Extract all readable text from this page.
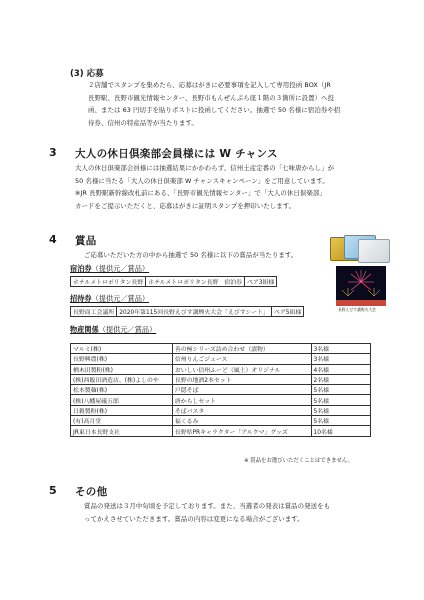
(3) 応募
２店舗でスタンプを集めたら、応募はがきに必要事項を記入して専用投函 BOX（JR
長野駅、長野市観光情報センター、長野市もんぜんぷら座１階の３箇所に設置）へ投
函、または 63 円切手を貼りポストに投函してください。抽選で 50 名様に宿泊券や招
待券、信州の特産品等が当たります。
3 大人の休日倶楽部会員様には W チャンス
大人の休日倶楽部会員様には抽選結果にかかわらず、信州土産定番の「七味唐からし」が
50 名様に当たる「大人の休日倶楽部 W チャンスキャンペーン」をご用意しています。
※JR 長野駅新幹線改札前にある、「長野市観光情報センター」で「大人の休日倶楽部」
カードをご提示いただくと、応募はがきに証明スタンプを押印いたします。
4 賞品
ご応募いただいた方の中から抽選で 50 名様に以下の賞品が当たります。
宿泊券（提供元／賞品）
ホテルメトロポリタン長野	ホテルメトロポリタン長野　宿泊券	ペア3組様
招待券（提供元／賞品）
長野商工会議所	2020年第115回長野えびす講煙火大会「えびすシート」	ペア5組様
長野えびす講煙火大会
物産関係（提供元／賞品）
マルミ(株)	善の極シリーズ詰め合わせ（漬物）	3名様
長野興農(株)	信州りんごジュース	3名様
栖木田製粉(株)	おいしい信州ふーど（風土）オリジナル	4名様
(株)西飯田酒造店、(株)よしのや	長野の地酒2本セット	2名様
松本製麺(株)	戸隠そば	5名様
(株)八幡屋礒五郎	唐からしセット	5名様
日穀製粉(株)	そばパスタ	5名様
(有)高月堂	福くるみ	5名様
JR東日本長野支社	長野県PRキャラクター「アルクマ」グッズ	10名様
※ 賞品をお選びいただくことはできません。
5 その他
賞品の発送は３月中旬頃を予定しております。また、当選者の発表は賞品の発送をも
ってかえさせていただきます。賞品の内容は変更になる場合がございます。
